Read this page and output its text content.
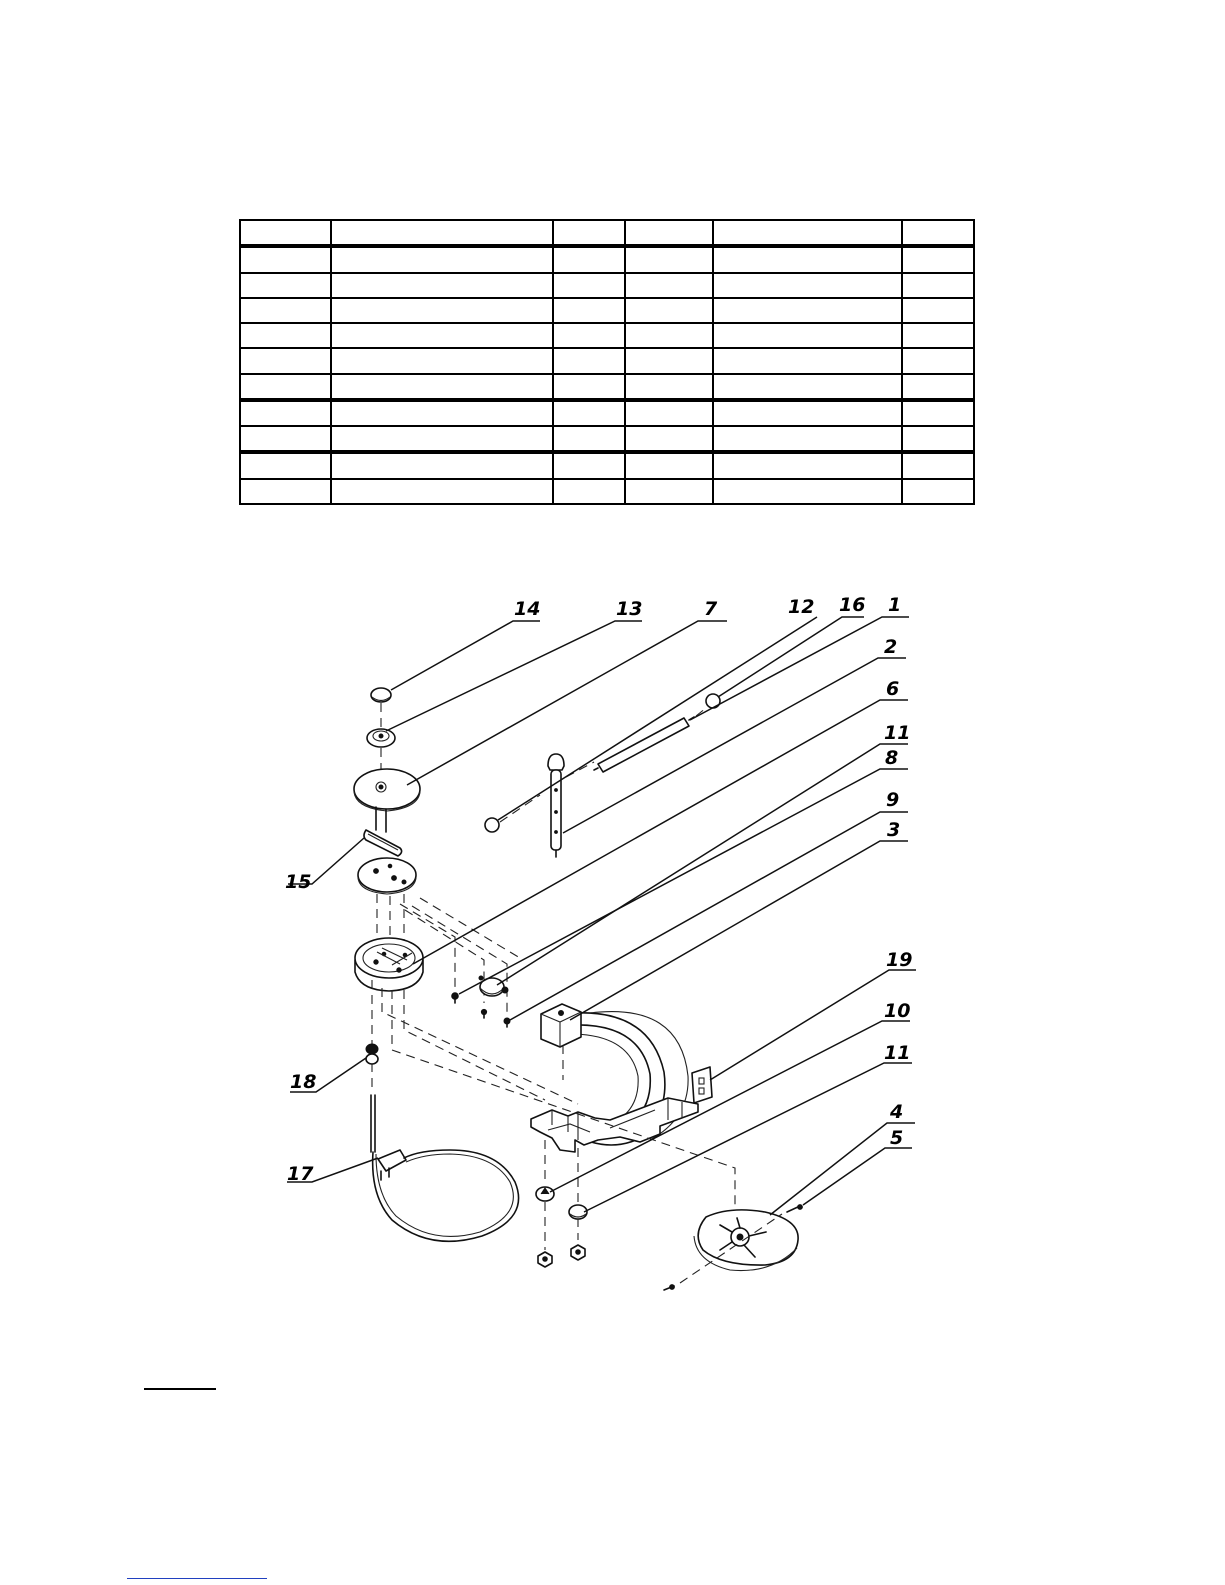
14	13	7	12 16 1
2
6
11
8
9
3
15
19
10
11
18
4
5
17
